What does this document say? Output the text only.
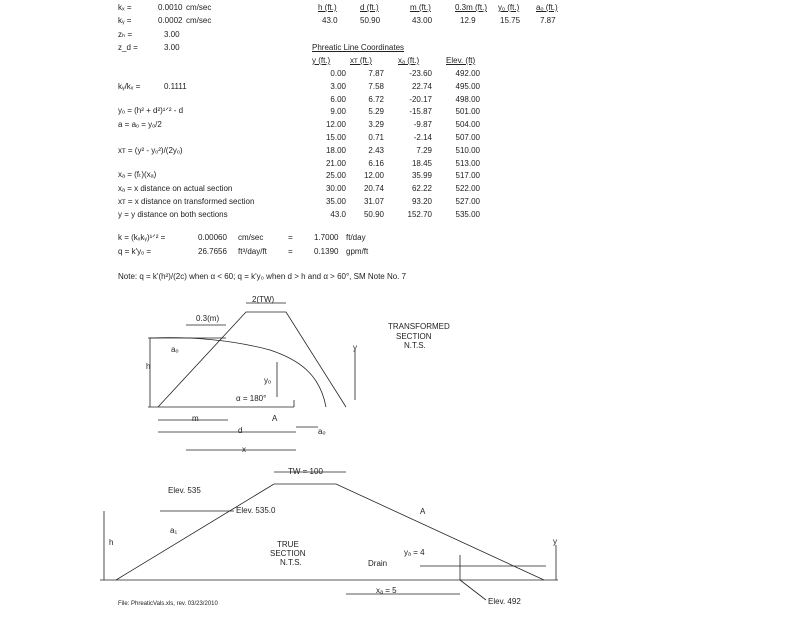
kₓ =	0.0010 cm/sec
kᵧ =	0.0002 cm/sec
zₕ =	3.00
z_d =	3.00
h (ft.)	d (ft.)	m (ft.)	0.3m (ft.) yₒ (ft.) aₒ (ft.)
43.0	50.90	43.00	12.9	15.75 7.87
Phreatic Line Coordinates
y (ft.) xᴛ (ft.)	xₐ (ft.)	Elev. (ft)
0.00	7.87	-23.60	492.00
3.00	7.58	22.74	495.00
6.00	6.72	-20.17	498.00
9.00	5.29	-15.87	501.00
12.00	3.29	-9.87	504.00
15.00	0.71	-2.14	507.00
18.00	2.43	7.29	510.00
21.00	6.16	18.45	513.00
25.00	12.00	35.99	517.00
30.00	20.74	62.22	522.00
35.00	31.07	93.20	527.00
43.0	50.90	152.70	535.00
kᵧ/kₓ =	0.1111
yₒ = (h² + d²)¹ᐟ² - d
a = aₒ = yₒ/2
xᴛ = (y² - yₒ²)/(2yₒ)
xₐ = (fₜ)(xₐ)
xₐ = x distance on actual section
xᴛ = x distance on transformed section
y = y distance on both sections
k = (kₓkᵧ)¹ᐟ² =	0.00060 cm/sec	=	1.7000 ft/day
q = k'yₒ =	26.7656 ft³/day/ft	=	0.1390 gpm/ft
Note: q = k'(h²)/(2c) when α < 60; q = k'y₀ when d > h and α > 60°, SM Note No. 7
TRANSFORMED
SECTION
N.T.S.
2(TW)
0.3(m)
aₒ
yₒ
α = 180°
A
h
m
d
x
y
aₒ
TW = 100
Elev. 535
Elev. 535.0
TRUE
SECTION
N.T.S.	Drain
a₁
yₐ = 4
xₐ = 5
Elev. 492
h	y
A
File: PhreaticVals.xls, rev. 03/23/2010
